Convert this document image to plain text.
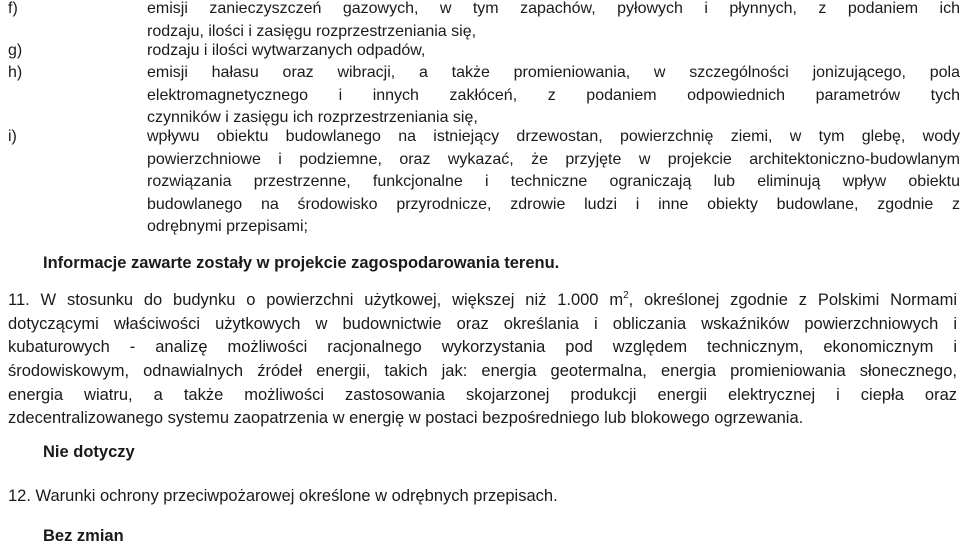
f)	emisji zanieczyszczeń gazowych, w tym zapachów, pyłowych i płynnych, z podaniem ich
rodzaju, ilości i zasięgu rozprzestrzeniania się,
g)	rodzaju i ilości wytwarzanych odpadów,
h)	emisji hałasu oraz wibracji, a także promieniowania, w szczególności jonizującego, pola
elektromagnetycznego i innych zakłóceń, z podaniem odpowiednich parametrów tych
czynników i zasięgu ich rozprzestrzeniania się,
i)	wpływu obiektu budowlanego na istniejący drzewostan, powierzchnię ziemi, w tym glebę, wody
powierzchniowe i podziemne, oraz wykazać, że przyjęte w projekcie architektoniczno-budowlanym
rozwiązania przestrzenne, funkcjonalne i techniczne ograniczają lub eliminują wpływ obiektu
budowlanego na środowisko przyrodnicze, zdrowie ludzi i inne obiekty budowlane, zgodnie z
odrębnymi przepisami;
Informacje zawarte zostały w projekcie zagospodarowania terenu.
11. W stosunku do budynku o powierzchni użytkowej, większej niż 1.000 $m^2$, określonej zgodnie z Polskimi Normami
dotyczącymi właściwości użytkowych w budownictwie oraz określania i obliczania wskaźników powierzchniowych i
kubaturowych - analizę możliwości racjonalnego wykorzystania pod względem technicznym, ekonomicznym i
środowiskowym, odnawialnych źródeł energii, takich jak: energia geotermalna, energia promieniowania słonecznego,
energia wiatru, a także możliwości zastosowania skojarzonej produkcji energii elektrycznej i ciepła oraz
zdecentralizowanego systemu zaopatrzenia w energię w postaci bezpośredniego lub blokowego ogrzewania.
Nie dotyczy
12. Warunki ochrony przeciwpożarowej określone w odrębnych przepisach.
Bez zmian
